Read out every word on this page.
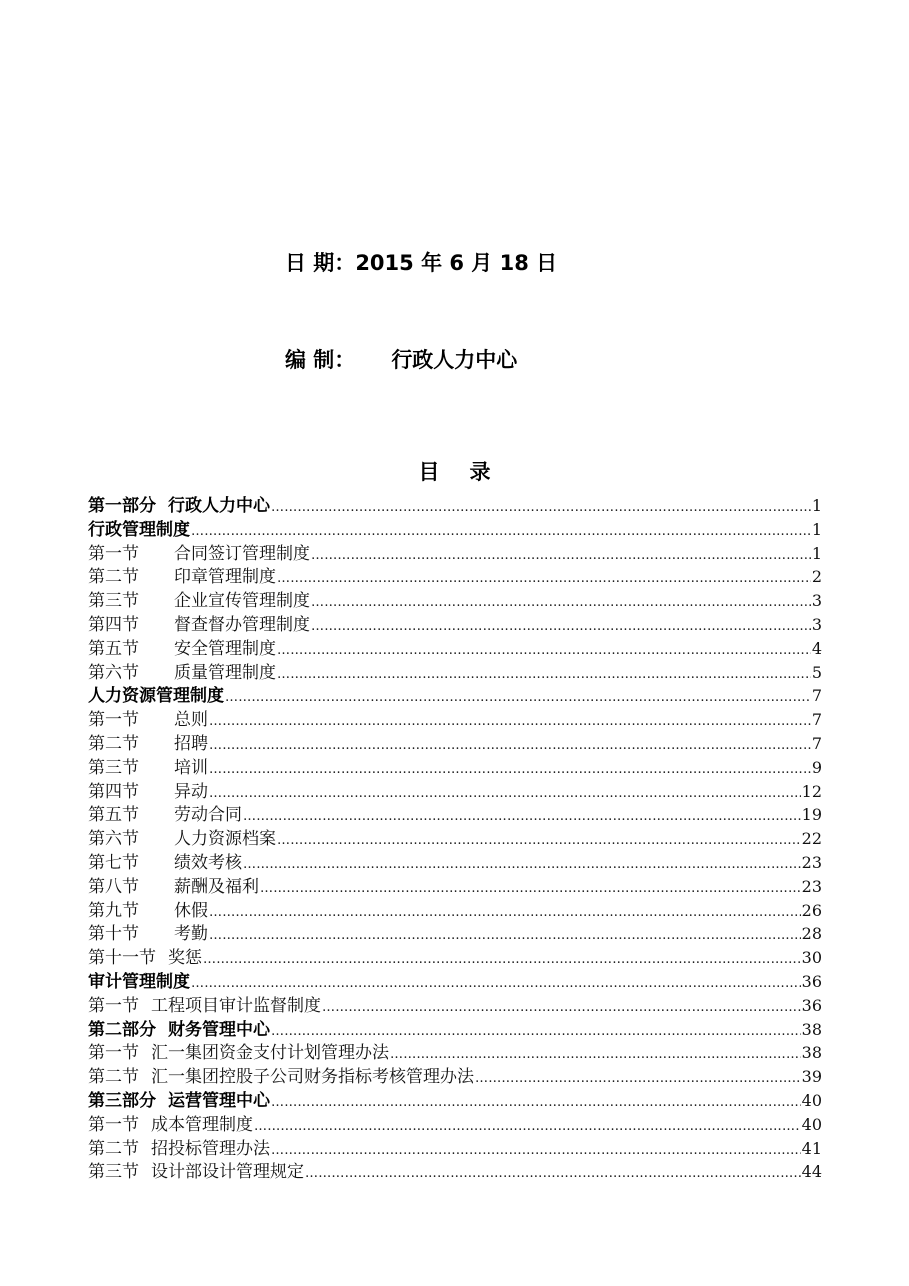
日 期：2015 年 6 月 18 日
编 制： 行政人力中心
目 录
第一部分 行政人力中心 …………………………………………………………………………………………………………………………………………………………………………………	1
行政管理制度 …………………………………………………………………………………………………………………………………………………………………………………	1
第一节 合同签订管理制度 …………………………………………………………………………………………………………………………………………………………………………………	1
第二节 印章管理制度 …………………………………………………………………………………………………………………………………………………………………………………	2
第三节 企业宣传管理制度 …………………………………………………………………………………………………………………………………………………………………………………	3
第四节 督查督办管理制度 …………………………………………………………………………………………………………………………………………………………………………………	3
第五节 安全管理制度 …………………………………………………………………………………………………………………………………………………………………………………	4
第六节 质量管理制度 …………………………………………………………………………………………………………………………………………………………………………………	5
人力资源管理制度 …………………………………………………………………………………………………………………………………………………………………………………	7
第一节 总则 …………………………………………………………………………………………………………………………………………………………………………………	7
第二节 招聘 …………………………………………………………………………………………………………………………………………………………………………………	7
第三节 培训 …………………………………………………………………………………………………………………………………………………………………………………	9
第四节 异动 …………………………………………………………………………………………………………………………………………………………………………………	12
第五节 劳动合同 …………………………………………………………………………………………………………………………………………………………………………………	19
第六节 人力资源档案 …………………………………………………………………………………………………………………………………………………………………………………	22
第七节 绩效考核 …………………………………………………………………………………………………………………………………………………………………………………	23
第八节 薪酬及福利 …………………………………………………………………………………………………………………………………………………………………………………	23
第九节 休假 …………………………………………………………………………………………………………………………………………………………………………………	26
第十节 考勤 …………………………………………………………………………………………………………………………………………………………………………………	28
第十一节 奖惩 …………………………………………………………………………………………………………………………………………………………………………………	30
审计管理制度 …………………………………………………………………………………………………………………………………………………………………………………	36
第一节 工程项目审计监督制度 …………………………………………………………………………………………………………………………………………………………………………………	36
第二部分 财务管理中心 …………………………………………………………………………………………………………………………………………………………………………………	38
第一节 汇一集团资金支付计划管理办法 …………………………………………………………………………………………………………………………………………………………………………………	38
第二节 汇一集团控股子公司财务指标考核管理办法 …………………………………………………………………………………………………………………………………………………………………………………	39
第三部分 运营管理中心 …………………………………………………………………………………………………………………………………………………………………………………	40
第一节 成本管理制度 …………………………………………………………………………………………………………………………………………………………………………………	40
第二节 招投标管理办法 …………………………………………………………………………………………………………………………………………………………………………………	41
第三节 设计部设计管理规定 …………………………………………………………………………………………………………………………………………………………………………………	44
